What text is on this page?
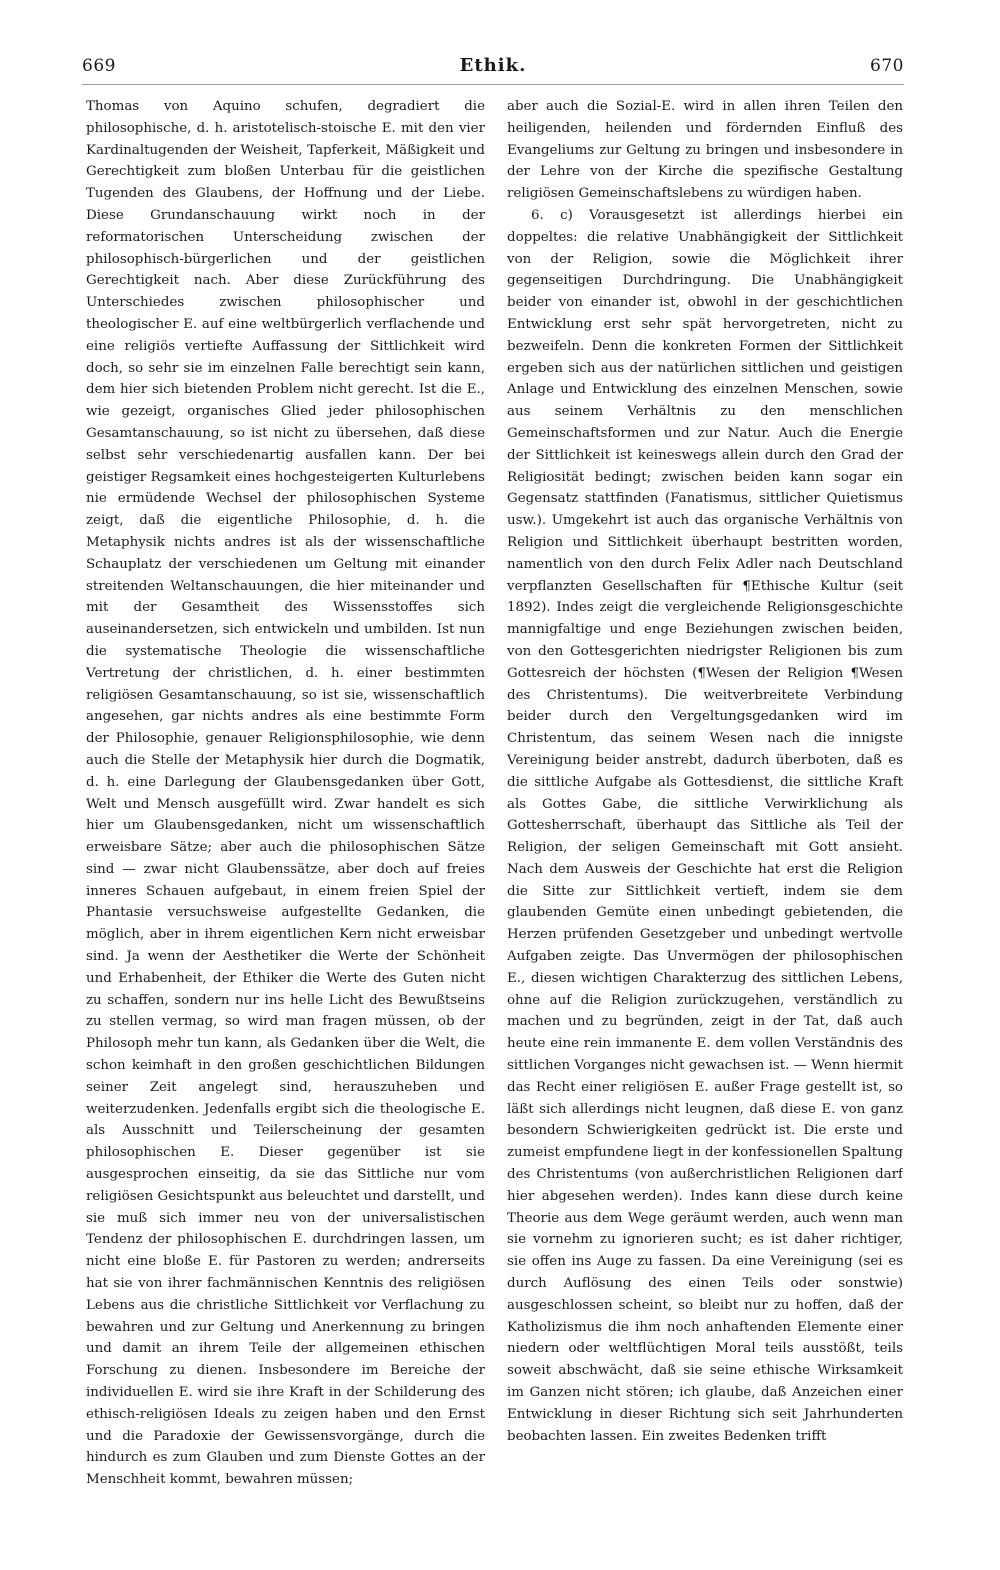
669	Ethik.	670

Thomas von Aquino schufen, degradiert die philosophische, d. h. aristotelisch-stoische E. mit den vier Kardinaltugenden der Weisheit, Tapferkeit, Mäßigkeit und Gerechtigkeit zum bloßen Unterbau für die geistlichen Tugenden des Glaubens, der Hoffnung und der Liebe. Diese Grundanschauung wirkt noch in der reformatorischen Unterscheidung zwischen der philosophisch-bürgerlichen und der geistlichen Gerechtigkeit nach. Aber diese Zurückführung des Unterschiedes zwischen philosophischer und theologischer E. auf eine weltbürgerlich verflachende und eine religiös vertiefte Auffassung der Sittlichkeit wird doch, so sehr sie im einzelnen Falle berechtigt sein kann, dem hier sich bietenden Problem nicht gerecht. Ist die E., wie gezeigt, organisches Glied jeder philosophischen Gesamtanschauung, so ist nicht zu übersehen, daß diese selbst sehr verschiedenartig ausfallen kann. Der bei geistiger Regsamkeit eines hochgesteigerten Kulturlebens nie ermüdende Wechsel der philosophischen Systeme zeigt, daß die eigentliche Philosophie, d. h. die Metaphysik nichts andres ist als der wissenschaftliche Schauplatz der verschiedenen um Geltung mit einander streitenden Weltanschauungen, die hier miteinander und mit der Gesamtheit des Wissensstoffes sich auseinandersetzen, sich entwickeln und umbilden. Ist nun die systematische Theologie die wissenschaftliche Vertretung der christlichen, d. h. einer bestimmten religiösen Gesamtanschauung, so ist sie, wissenschaftlich angesehen, gar nichts andres als eine bestimmte Form der Philosophie, genauer Religionsphilosophie, wie denn auch die Stelle der Metaphysik hier durch die Dogmatik, d. h. eine Darlegung der Glaubensgedanken über Gott, Welt und Mensch ausgefüllt wird. Zwar handelt es sich hier um Glaubensgedanken, nicht um wissenschaftlich erweisbare Sätze; aber auch die philosophischen Sätze sind — zwar nicht Glaubenssätze, aber doch auf freies inneres Schauen aufgebaut, in einem freien Spiel der Phantasie versuchsweise aufgestellte Gedanken, die möglich, aber in ihrem eigentlichen Kern nicht erweisbar sind. Ja wenn der Aesthetiker die Werte der Schönheit und Erhabenheit, der Ethiker die Werte des Guten nicht zu schaffen, sondern nur ins helle Licht des Bewußtseins zu stellen vermag, so wird man fragen müssen, ob der Philosoph mehr tun kann, als Gedanken über die Welt, die schon keimhaft in den großen geschichtlichen Bildungen seiner Zeit angelegt sind, herauszuheben und weiterzudenken. Jedenfalls ergibt sich die theologische E. als Ausschnitt und Teilerscheinung der gesamten philosophischen E. Dieser gegenüber ist sie ausgesprochen einseitig, da sie das Sittliche nur vom religiösen Gesichtspunkt aus beleuchtet und darstellt, und sie muß sich immer neu von der universalistischen Tendenz der philosophischen E. durchdringen lassen, um nicht eine bloße E. für Pastoren zu werden; andrerseits hat sie von ihrer fachmännischen Kenntnis des religiösen Lebens aus die christliche Sittlichkeit vor Verflachung zu bewahren und zur Geltung und Anerkennung zu bringen und damit an ihrem Teile der allgemeinen ethischen Forschung zu dienen. Insbesondere im Bereiche der individuellen E. wird sie ihre Kraft in der Schilderung des ethisch-religiösen Ideals zu zeigen haben und den Ernst und die Paradoxie der Gewissensvorgänge, durch die hindurch es zum Glauben und zum Dienste Gottes an der Menschheit kommt, bewahren müssen;

aber auch die Sozial-E. wird in allen ihren Teilen den heiligenden, heilenden und fördernden Einfluß des Evangeliums zur Geltung zu bringen und insbesondere in der Lehre von der Kirche die spezifische Gestaltung religiösen Gemeinschaftslebens zu würdigen haben.

6. c) Vorausgesetzt ist allerdings hierbei ein doppeltes: die relative Unabhängigkeit der Sittlichkeit von der Religion, sowie die Möglichkeit ihrer gegenseitigen Durchdringung. Die Unabhängigkeit beider von einander ist, obwohl in der geschichtlichen Entwicklung erst sehr spät hervorgetreten, nicht zu bezweifeln. Denn die konkreten Formen der Sittlichkeit ergeben sich aus der natürlichen sittlichen und geistigen Anlage und Entwicklung des einzelnen Menschen, sowie aus seinem Verhältnis zu den menschlichen Gemeinschaftsformen und zur Natur. Auch die Energie der Sittlichkeit ist keineswegs allein durch den Grad der Religiosität bedingt; zwischen beiden kann sogar ein Gegensatz stattfinden (Fanatismus, sittlicher Quietismus usw.). Umgekehrt ist auch das organische Verhältnis von Religion und Sittlichkeit überhaupt bestritten worden, namentlich von den durch Felix Adler nach Deutschland verpflanzten Gesellschaften für ¶Ethische Kultur (seit 1892). Indes zeigt die vergleichende Religionsgeschichte mannigfaltige und enge Beziehungen zwischen beiden, von den Gottesgerichten niedrigster Religionen bis zum Gottesreich der höchsten (¶Wesen der Religion ¶Wesen des Christentums). Die weitverbreitete Verbindung beider durch den Vergeltungsgedanken wird im Christentum, das seinem Wesen nach die innigste Vereinigung beider anstrebt, dadurch überboten, daß es die sittliche Aufgabe als Gottesdienst, die sittliche Kraft als Gottes Gabe, die sittliche Verwirklichung als Gottesherrschaft, überhaupt das Sittliche als Teil der Religion, der seligen Gemeinschaft mit Gott ansieht. Nach dem Ausweis der Geschichte hat erst die Religion die Sitte zur Sittlichkeit vertieft, indem sie dem glaubenden Gemüte einen unbedingt gebietenden, die Herzen prüfenden Gesetzgeber und unbedingt wertvolle Aufgaben zeigte. Das Unvermögen der philosophischen E., diesen wichtigen Charakterzug des sittlichen Lebens, ohne auf die Religion zurückzugehen, verständlich zu machen und zu begründen, zeigt in der Tat, daß auch heute eine rein immanente E. dem vollen Verständnis des sittlichen Vorganges nicht gewachsen ist. — Wenn hiermit das Recht einer religiösen E. außer Frage gestellt ist, so läßt sich allerdings nicht leugnen, daß diese E. von ganz besondern Schwierigkeiten gedrückt ist. Die erste und zumeist empfundene liegt in der konfessionellen Spaltung des Christentums (von außerchristlichen Religionen darf hier abgesehen werden). Indes kann diese durch keine Theorie aus dem Wege geräumt werden, auch wenn man sie vornehm zu ignorieren sucht; es ist daher richtiger, sie offen ins Auge zu fassen. Da eine Vereinigung (sei es durch Auflösung des einen Teils oder sonstwie) ausgeschlossen scheint, so bleibt nur zu hoffen, daß der Katholizismus die ihm noch anhaftenden Elemente einer niedern oder weltflüchtigen Moral teils ausstößt, teils soweit abschwächt, daß sie seine ethische Wirksamkeit im Ganzen nicht stören; ich glaube, daß Anzeichen einer Entwicklung in dieser Richtung sich seit Jahrhunderten beobachten lassen. Ein zweites Bedenken trifft
